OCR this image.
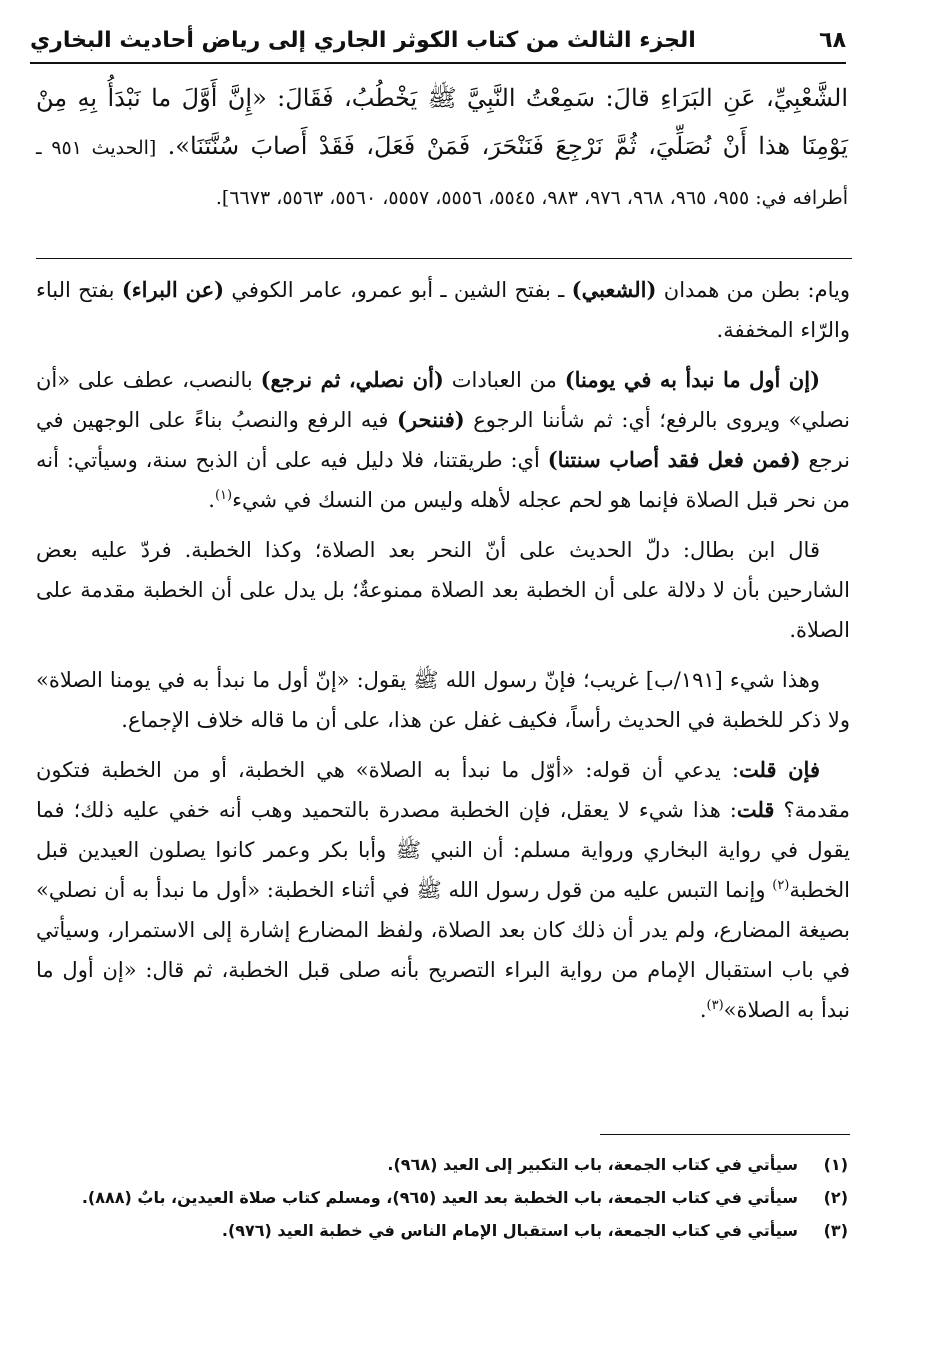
٦٨
الجزء الثالث من كتاب الكوثر الجاري إلى رياض أحاديث البخاري
الشَّعْبِيِّ، عَنِ البَرَاءِ قالَ: سَمِعْتُ النَّبِيَّ ﷺ يَخْطُبُ، فَقَالَ: «إِنَّ أَوَّلَ ما نَبْدَأُ بِهِ مِنْ يَوْمِنَا هذا أَنْ نُصَلِّيَ، ثُمَّ نَرْجِعَ فَنَنْحَرَ، فَمَنْ فَعَلَ، فَقَدْ أَصابَ سُنَّتَنَا». [الحديث ٩٥١ ـ أطرافه في: ٩٥٥، ٩٦٥، ٩٦٨، ٩٧٦، ٩٨٣، ٥٥٤٥، ٥٥٥٦، ٥٥٥٧، ٥٥٦٠، ٥٥٦٣، ٦٦٧٣].

ويام: بطن من همدان (الشعبي) ـ بفتح الشين ـ أبو عمرو، عامر الكوفي (عن البراء) بفتح الباء والرّاء المخففة.

(إن أول ما نبدأ به في يومنا) من العبادات (أن نصلي، ثم نرجع) بالنصب، عطف على «أن نصلي» ويروى بالرفع؛ أي: ثم شأننا الرجوع (فننحر) فيه الرفع والنصبُ بناءً على الوجهين في نرجع (فمن فعل فقد أصاب سنتنا) أي: طريقتنا، فلا دليل فيه على أن الذبح سنة، وسيأتي: أنه من نحر قبل الصلاة فإنما هو لحم عجله لأهله وليس من النسك في شيء$^{(١)}$.

قال ابن بطال: دلّ الحديث على أنّ النحر بعد الصلاة؛ وكذا الخطبة. فردّ عليه بعض الشارحين بأن لا دلالة على أن الخطبة بعد الصلاة ممنوعةٌ؛ بل يدل على أن الخطبة مقدمة على الصلاة.

وهذا شيء [١٩١/ب] غريب؛ فإنّ رسول الله ﷺ يقول: «إنّ أول ما نبدأ به في يومنا الصلاة» ولا ذكر للخطبة في الحديث رأساً، فكيف غفل عن هذا، على أن ما قاله خلاف الإجماع.

فإن قلت: يدعي أن قوله: «أوّل ما نبدأ به الصلاة» هي الخطبة، أو من الخطبة فتكون مقدمة؟ قلت: هذا شيء لا يعقل، فإن الخطبة مصدرة بالتحميد وهب أنه خفي عليه ذلك؛ فما يقول في رواية البخاري ورواية مسلم: أن النبي ﷺ وأبا بكر وعمر كانوا يصلون العيدين قبل الخطبة$^{(٢)}$ وإنما التبس عليه من قول رسول الله ﷺ في أثناء الخطبة: «أول ما نبدأ به أن نصلي» بصيغة المضارع، ولم يدر أن ذلك كان بعد الصلاة، ولفظ المضارع إشارة إلى الاستمرار، وسيأتي في باب استقبال الإمام من رواية البراء التصريح بأنه صلى قبل الخطبة، ثم قال: «إن أول ما نبدأ به الصلاة»$^{(٣)}$.

(١)
سيأتي في كتاب الجمعة، باب التكبير إلى العيد (٩٦٨).
(٢)
سيأتي في كتاب الجمعة، باب الخطبة بعد العيد (٩٦٥)، ومسلم كتاب صلاة العيدين، بابٌ (٨٨٨).
(٣)
سيأتي في كتاب الجمعة، باب استقبال الإمام الناس في خطبة العيد (٩٧٦).
